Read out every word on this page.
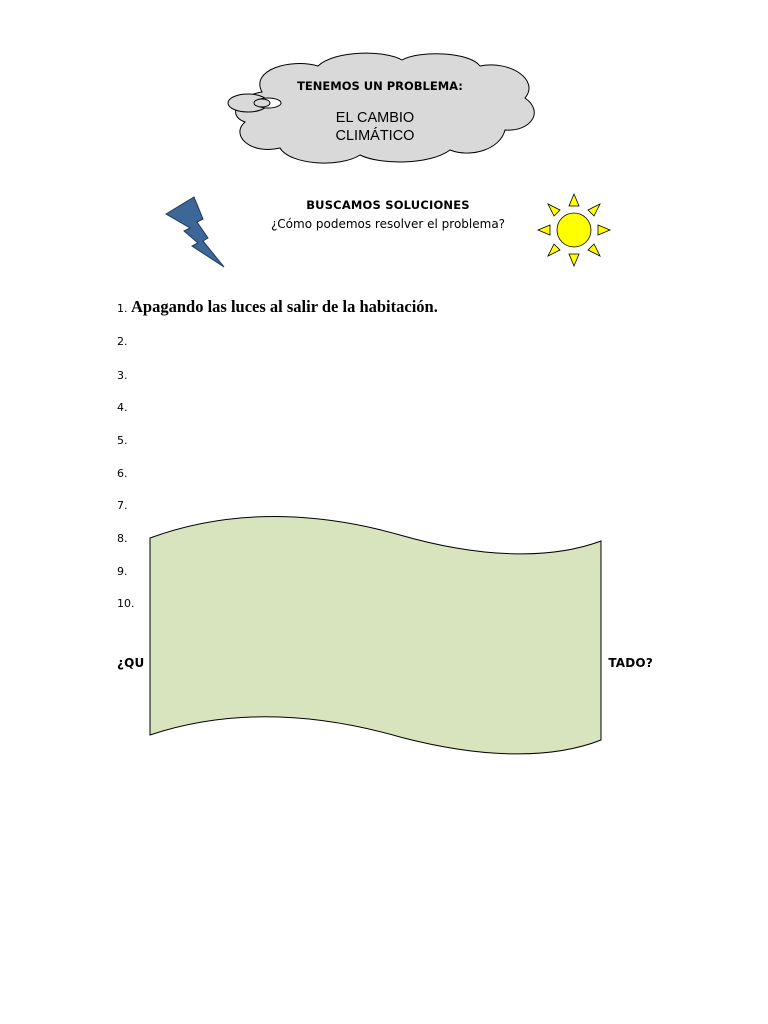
TENEMOS UN PROBLEMA:
EL CAMBIO
CLIMÁTICO
BUSCAMOS SOLUCIONES
¿Cómo podemos resolver el problema?
1. Apagando las luces al salir de la habitación.
2.
3.
4.
5.
6.
7.
8.
9.
10.
¿QU	TADO?
